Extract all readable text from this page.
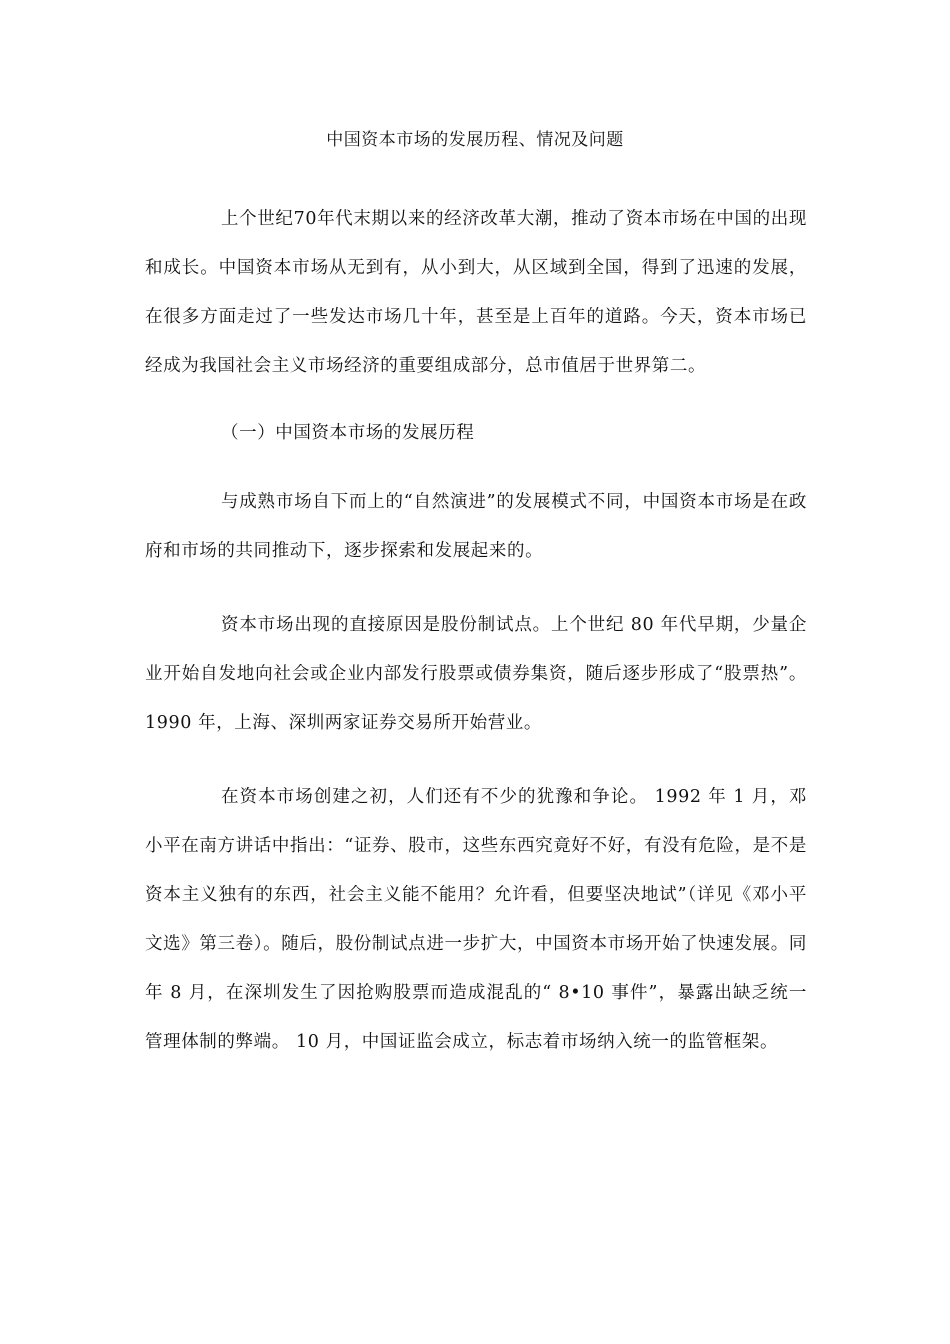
中国资本市场的发展历程、情况及问题

上个世纪70年代末期以来的经济改革大潮，推动了资本市场在中国的出现和成长。中国资本市场从无到有，从小到大，从区域到全国，得到了迅速的发展，在很多方面走过了一些发达市场几十年，甚至是上百年的道路。今天，资本市场已经成为我国社会主义市场经济的重要组成部分，总市值居于世界第二。

（一）中国资本市场的发展历程

与成熟市场自下而上的“自然演进”的发展模式不同，中国资本市场是在政府和市场的共同推动下，逐步探索和发展起来的。

资本市场出现的直接原因是股份制试点。上个世纪 80 年代早期，少量企业开始自发地向社会或企业内部发行股票或债券集资，随后逐步形成了“股票热”。1990 年，上海、深圳两家证券交易所开始营业。

在资本市场创建之初，人们还有不少的犹豫和争论。 1992 年 1 月，邓小平在南方讲话中指出：“证券、股市，这些东西究竟好不好，有没有危险，是不是资本主义独有的东西，社会主义能不能用？允许看，但要坚决地试”（详见《邓小平文选》第三卷）。随后，股份制试点进一步扩大，中国资本市场开始了快速发展。同年 8 月，在深圳发生了因抢购股票而造成混乱的“ 8•10 事件”，暴露出缺乏统一管理体制的弊端。 10 月，中国证监会成立，标志着市场纳入统一的监管框架。
